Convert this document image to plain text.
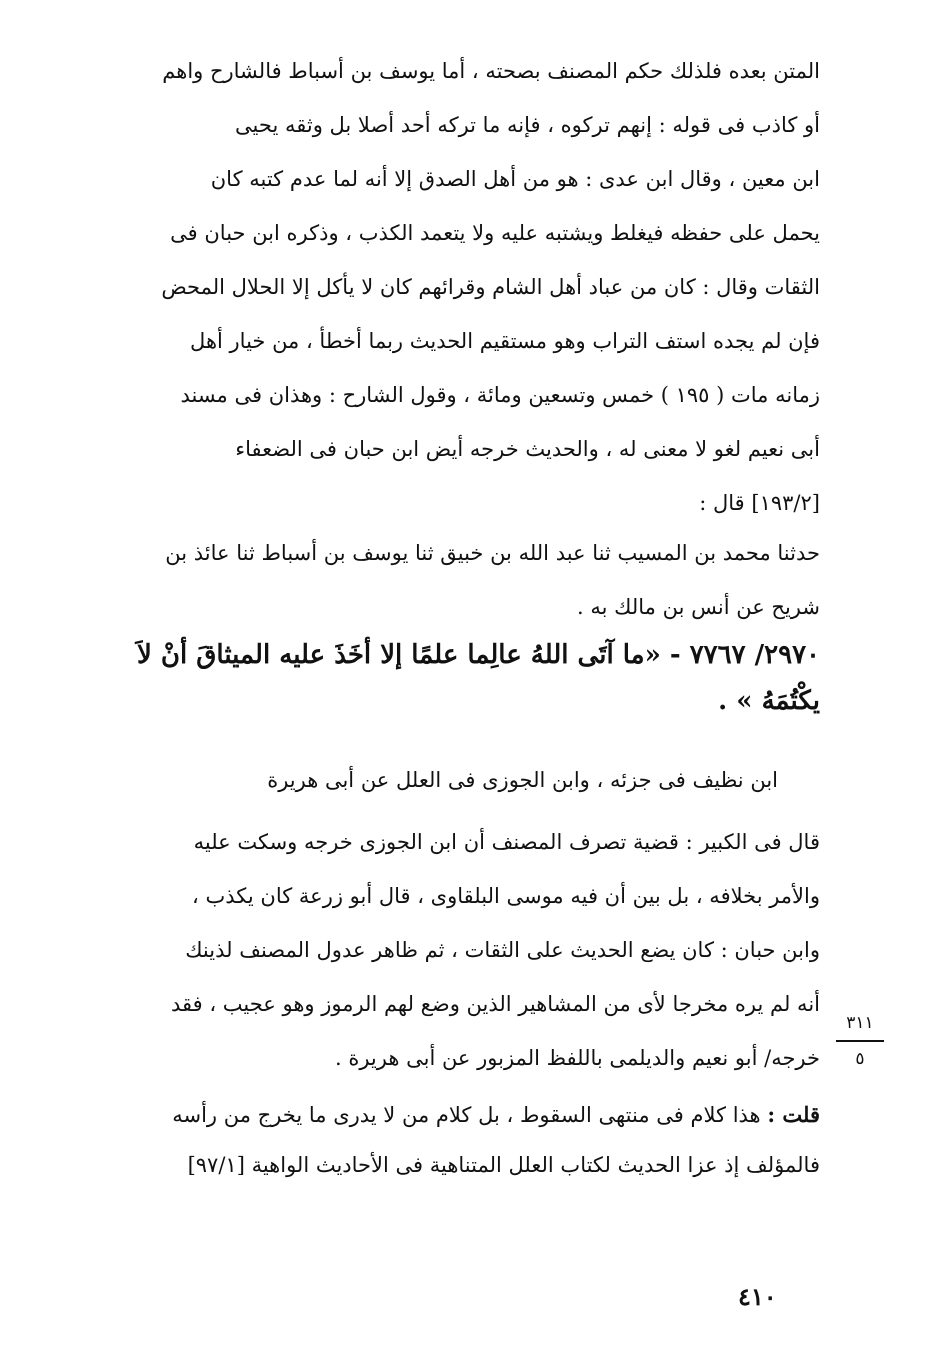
المتن بعده فلذلك حكم المصنف بصحته ، أما يوسف بن أسباط فالشارح واهم
أو كاذب فى قوله : إنهم تركوه ، فإنه ما تركه أحد أصلا بل وثقه يحيى
ابن معين ، وقال ابن عدى : هو من أهل الصدق إلا أنه لما عدم كتبه كان
يحمل على حفظه فيغلط ويشتبه عليه ولا يتعمد الكذب ، وذكره ابن حبان فى
الثقات وقال : كان من عباد أهل الشام وقرائهم كان لا يأكل إلا الحلال المحض
فإن لم يجده استف التراب وهو مستقيم الحديث ربما أخطأ ، من خيار أهل
زمانه مات ( ١٩٥ ) خمس وتسعين ومائة ، وقول الشارح : وهذان فى مسند
أبى نعيم لغو لا معنى له ، والحديث خرجه أيض ابن حبان فى الضعفاء
[١٩٣/٢] قال :
حدثنا محمد بن المسيب ثنا عبد الله بن خبيق ثنا يوسف بن أسباط ثنا عائذ بن
شريح عن أنس بن مالك به .
٢٩٧٠/ ٧٧٦٧ - «ما آتَى اللهُ عالِما علمًا إلا أخَذَ عليه الميثاقَ أنْ لاَ
يكْتُمَهُ » .
ابن نظيف فى جزئه ، وابن الجوزى فى العلل عن أبى هريرة
قال فى الكبير : قضية تصرف المصنف أن ابن الجوزى خرجه وسكت عليه
والأمر بخلافه ، بل بين أن فيه موسى البلقاوى ، قال أبو زرعة كان يكذب ،
وابن حبان : كان يضع الحديث على الثقات ، ثم ظاهر عدول المصنف لذينك
أنه لم يره مخرجا لأى من المشاهير الذين وضع لهم الرموز وهو عجيب ، فقد
خرجه/ أبو نعيم والديلمى باللفظ المزبور عن أبى هريرة .
قلت : هذا كلام فى منتهى السقوط ، بل كلام من لا يدرى ما يخرج من رأسه
فالمؤلف إذ عزا الحديث لكتاب العلل المتناهية فى الأحاديث الواهية [٩٧/١]
٣١١
٥
٤١٠
